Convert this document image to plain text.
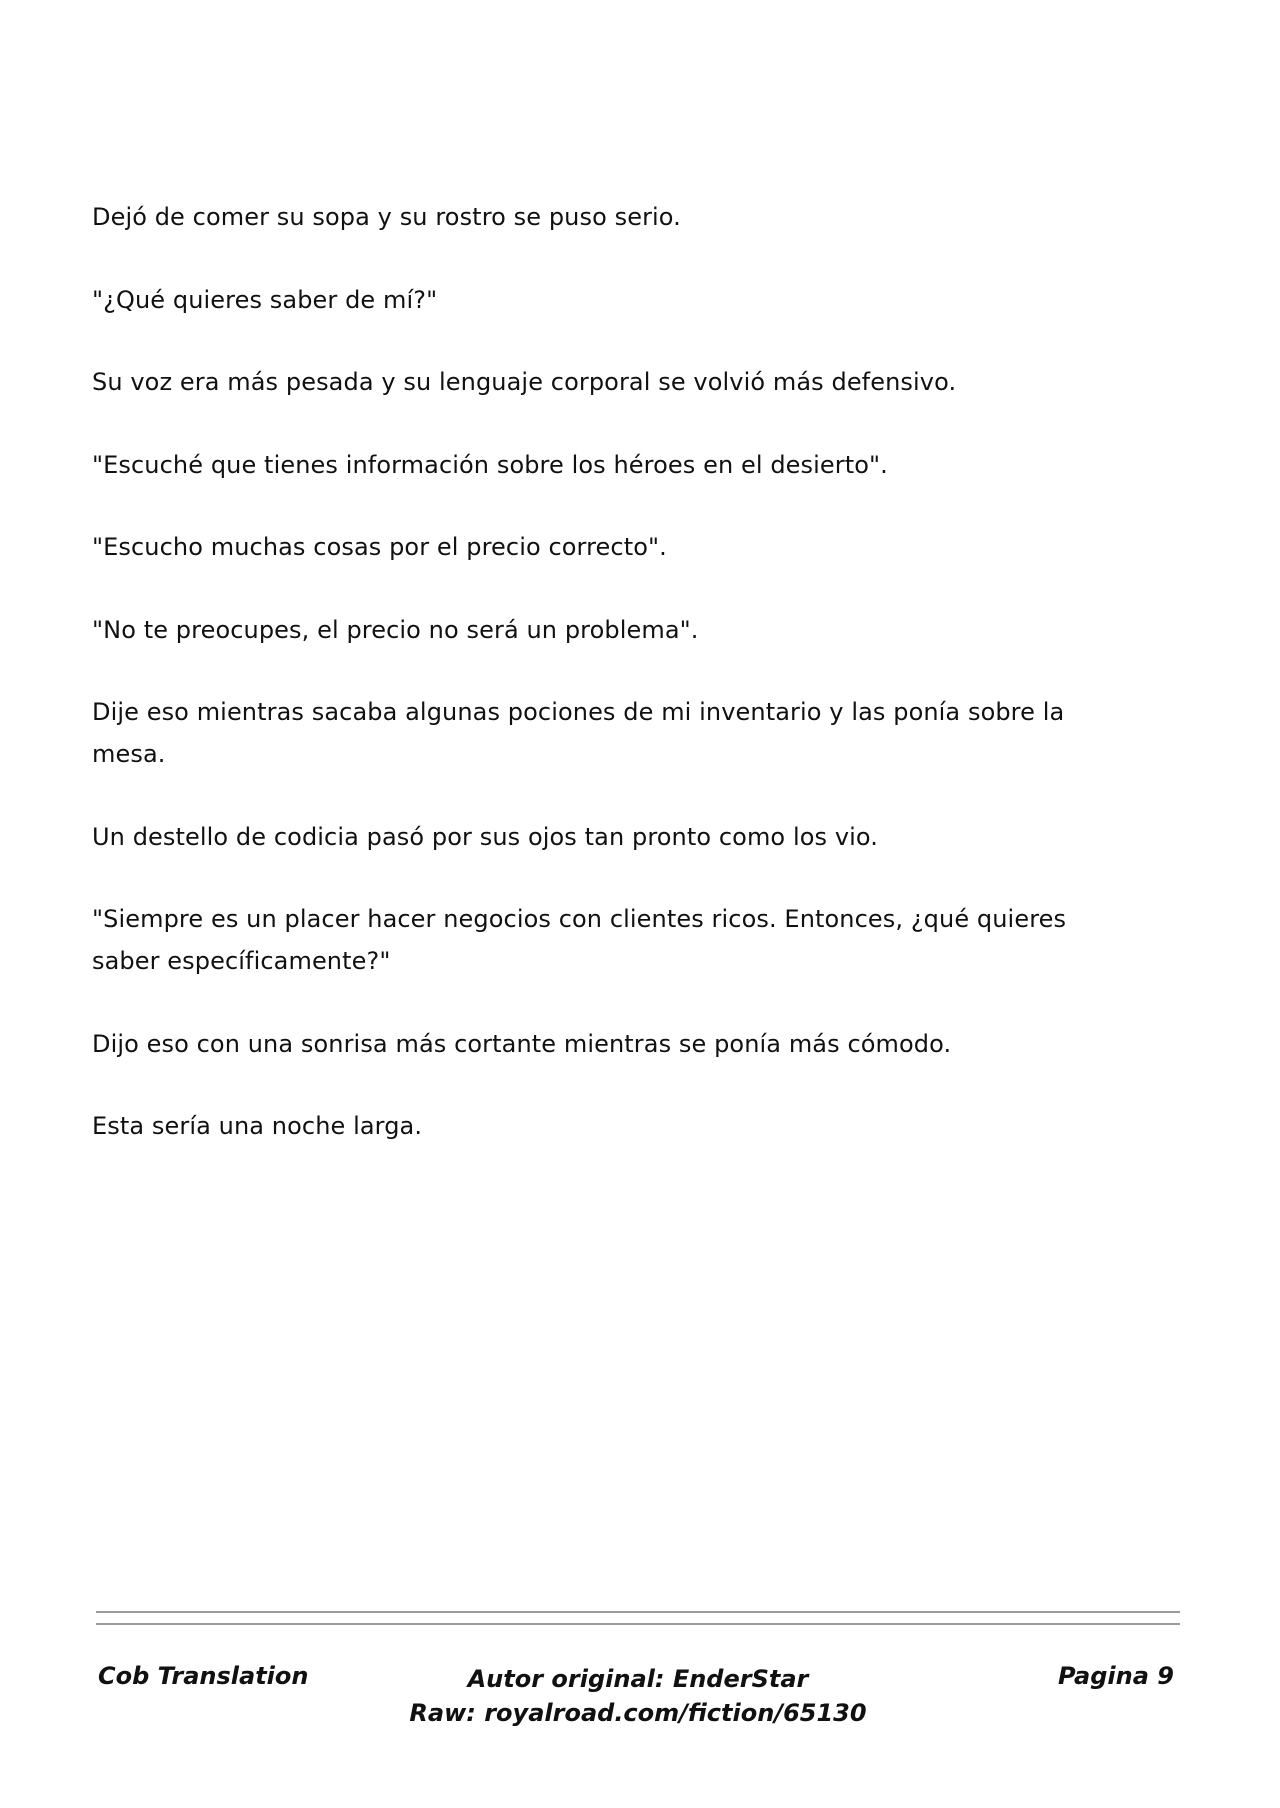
Dejó de comer su sopa y su rostro se puso serio.

"¿Qué quieres saber de mí?"

Su voz era más pesada y su lenguaje corporal se volvió más defensivo.

"Escuché que tienes información sobre los héroes en el desierto".

"Escucho muchas cosas por el precio correcto".

"No te preocupes, el precio no será un problema".

Dije eso mientras sacaba algunas pociones de mi inventario y las ponía sobre la mesa.

Un destello de codicia pasó por sus ojos tan pronto como los vio.

"Siempre es un placer hacer negocios con clientes ricos. Entonces, ¿qué quieres saber específicamente?"

Dijo eso con una sonrisa más cortante mientras se ponía más cómodo.

Esta sería una noche larga.

Cob Translation	Autor original: EnderStar
Raw: royalroad.com/fiction/65130
Pagina 9
